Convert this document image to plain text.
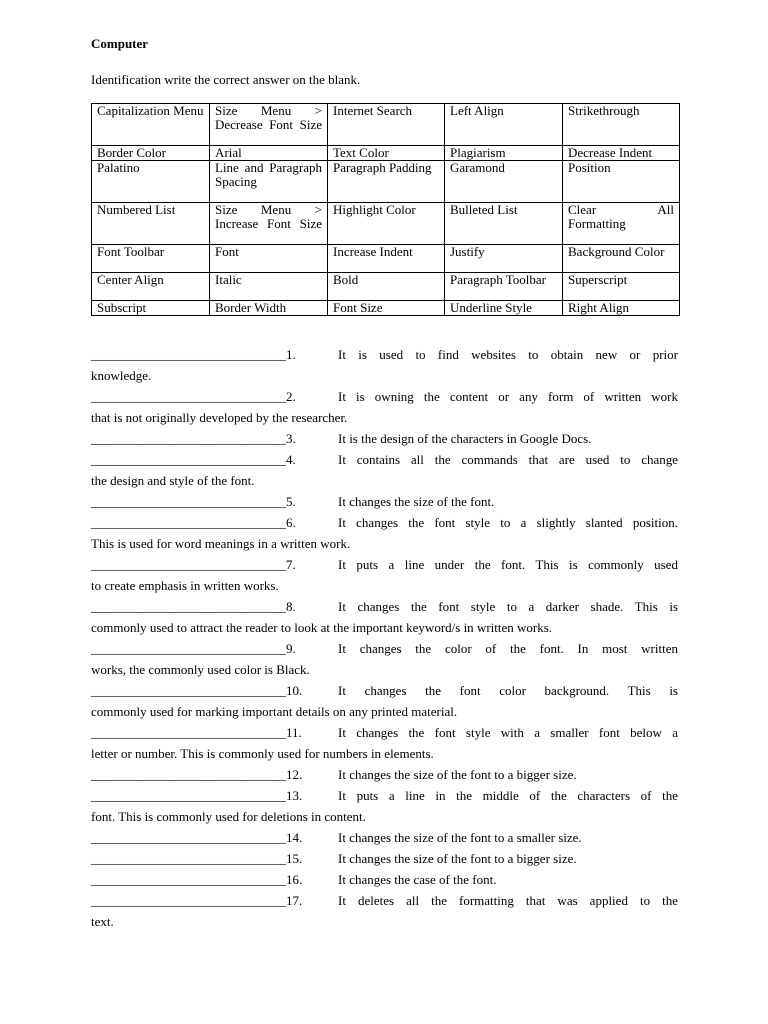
Computer

Identification write the correct answer on the blank.

Capitalization Menu	Size Menu > Decrease Font Size	Internet Search	Left Align	Strikethrough
Border Color	Arial	Text Color	Plagiarism	Decrease Indent
Palatino	Line and Paragraph Spacing	Paragraph Padding	Garamond	Position
Numbered List	Size Menu > Increase Font Size	Highlight Color	Bulleted List	Clear All Formatting
Font Toolbar	Font	Increase Indent	Justify	Background Color
Center Align	Italic	Bold	Paragraph Toolbar	Superscript
Subscript	Border Width	Font Size	Underline Style	Right Align
______________________________ 1.	It is used to find websites to obtain new or prior
knowledge.
______________________________ 2.	It is owning the content or any form of written work
that is not originally developed by the researcher.
______________________________ 3.	It is the design of the characters in Google Docs.
______________________________ 4.	It contains all the commands that are used to change
the design and style of the font.
______________________________ 5.	It changes the size of the font.
______________________________ 6.	It changes the font style to a slightly slanted position.
This is used for word meanings in a written work.
______________________________ 7.	It puts a line under the font. This is commonly used
to create emphasis in written works.
______________________________ 8.	It changes the font style to a darker shade. This is
commonly used to attract the reader to look at the important keyword/s in written works.
______________________________ 9.	It changes the color of the font. In most written
works, the commonly used color is Black.
______________________________ 10.	It changes the font color background. This is
commonly used for marking important details on any printed material.
______________________________ 11.	It changes the font style with a smaller font below a
letter or number. This is commonly used for numbers in elements.
______________________________ 12.	It changes the size of the font to a bigger size.
______________________________ 13.	It puts a line in the middle of the characters of the
font. This is commonly used for deletions in content.
______________________________ 14.	It changes the size of the font to a smaller size.
______________________________ 15.	It changes the size of the font to a bigger size.
______________________________ 16.	It changes the case of the font.
______________________________ 17.	It deletes all the formatting that was applied to the
text.
